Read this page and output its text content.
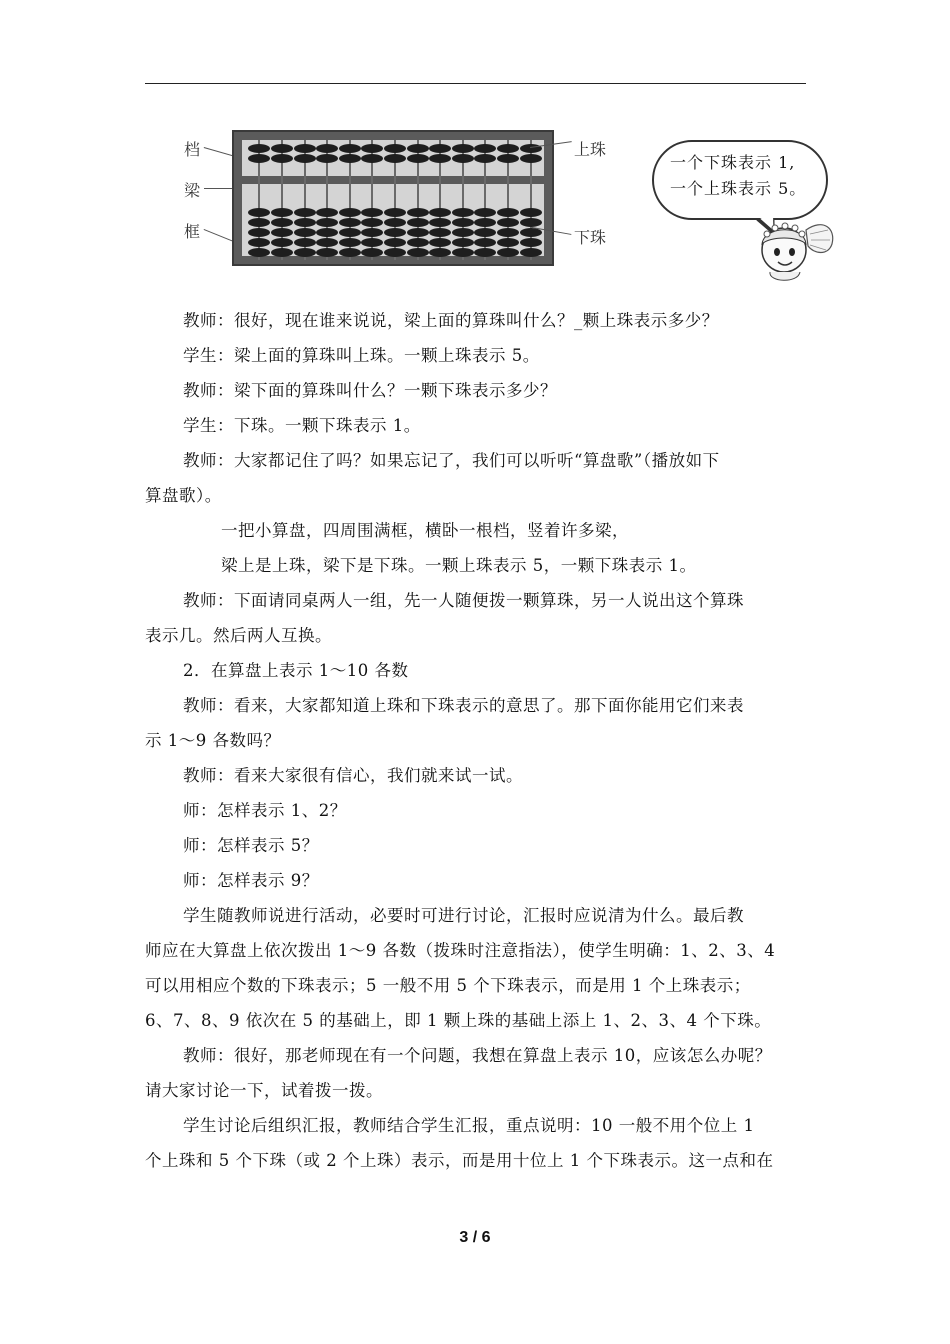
档
梁
框
上珠
下珠
一个下珠表示 1,
一个上珠表示 5。
教师：很好，现在谁来说说，梁上面的算珠叫什么？_颗上珠表示多少？
学生：梁上面的算珠叫上珠。一颗上珠表示 5。
教师：梁下面的算珠叫什么？一颗下珠表示多少？
学生：下珠。一颗下珠表示 1。
教师：大家都记住了吗？如果忘记了，我们可以听听“算盘歌”（播放如下
算盘歌）。
一把小算盘，四周围满框，横卧一根档，竖着许多梁，
梁上是上珠，梁下是下珠。一颗上珠表示 5，一颗下珠表示 1。
教师：下面请同桌两人一组，先一人随便拨一颗算珠，另一人说出这个算珠
表示几。然后两人互换。
2．在算盘上表示 1～10 各数
教师：看来，大家都知道上珠和下珠表示的意思了。那下面你能用它们来表
示 1～9 各数吗？
教师：看来大家很有信心，我们就来试一试。
师：怎样表示 1、2？
师：怎样表示 5？
师：怎样表示 9？
学生随教师说进行活动，必要时可进行讨论，汇报时应说清为什么。最后教
师应在大算盘上依次拨出 1～9 各数（拨珠时注意指法），使学生明确：1、2、3、4
可以用相应个数的下珠表示；5 一般不用 5 个下珠表示，而是用 1 个上珠表示；
6、7、8、9 依次在 5 的基础上，即 1 颗上珠的基础上添上 1、2、3、4 个下珠。
教师：很好，那老师现在有一个问题，我想在算盘上表示 10，应该怎么办呢？
请大家讨论一下，试着拨一拨。
学生讨论后组织汇报，教师结合学生汇报，重点说明：10 一般不用个位上 1
个上珠和 5 个下珠（或 2 个上珠）表示，而是用十位上 1 个下珠表示。这一点和在
3 / 6
